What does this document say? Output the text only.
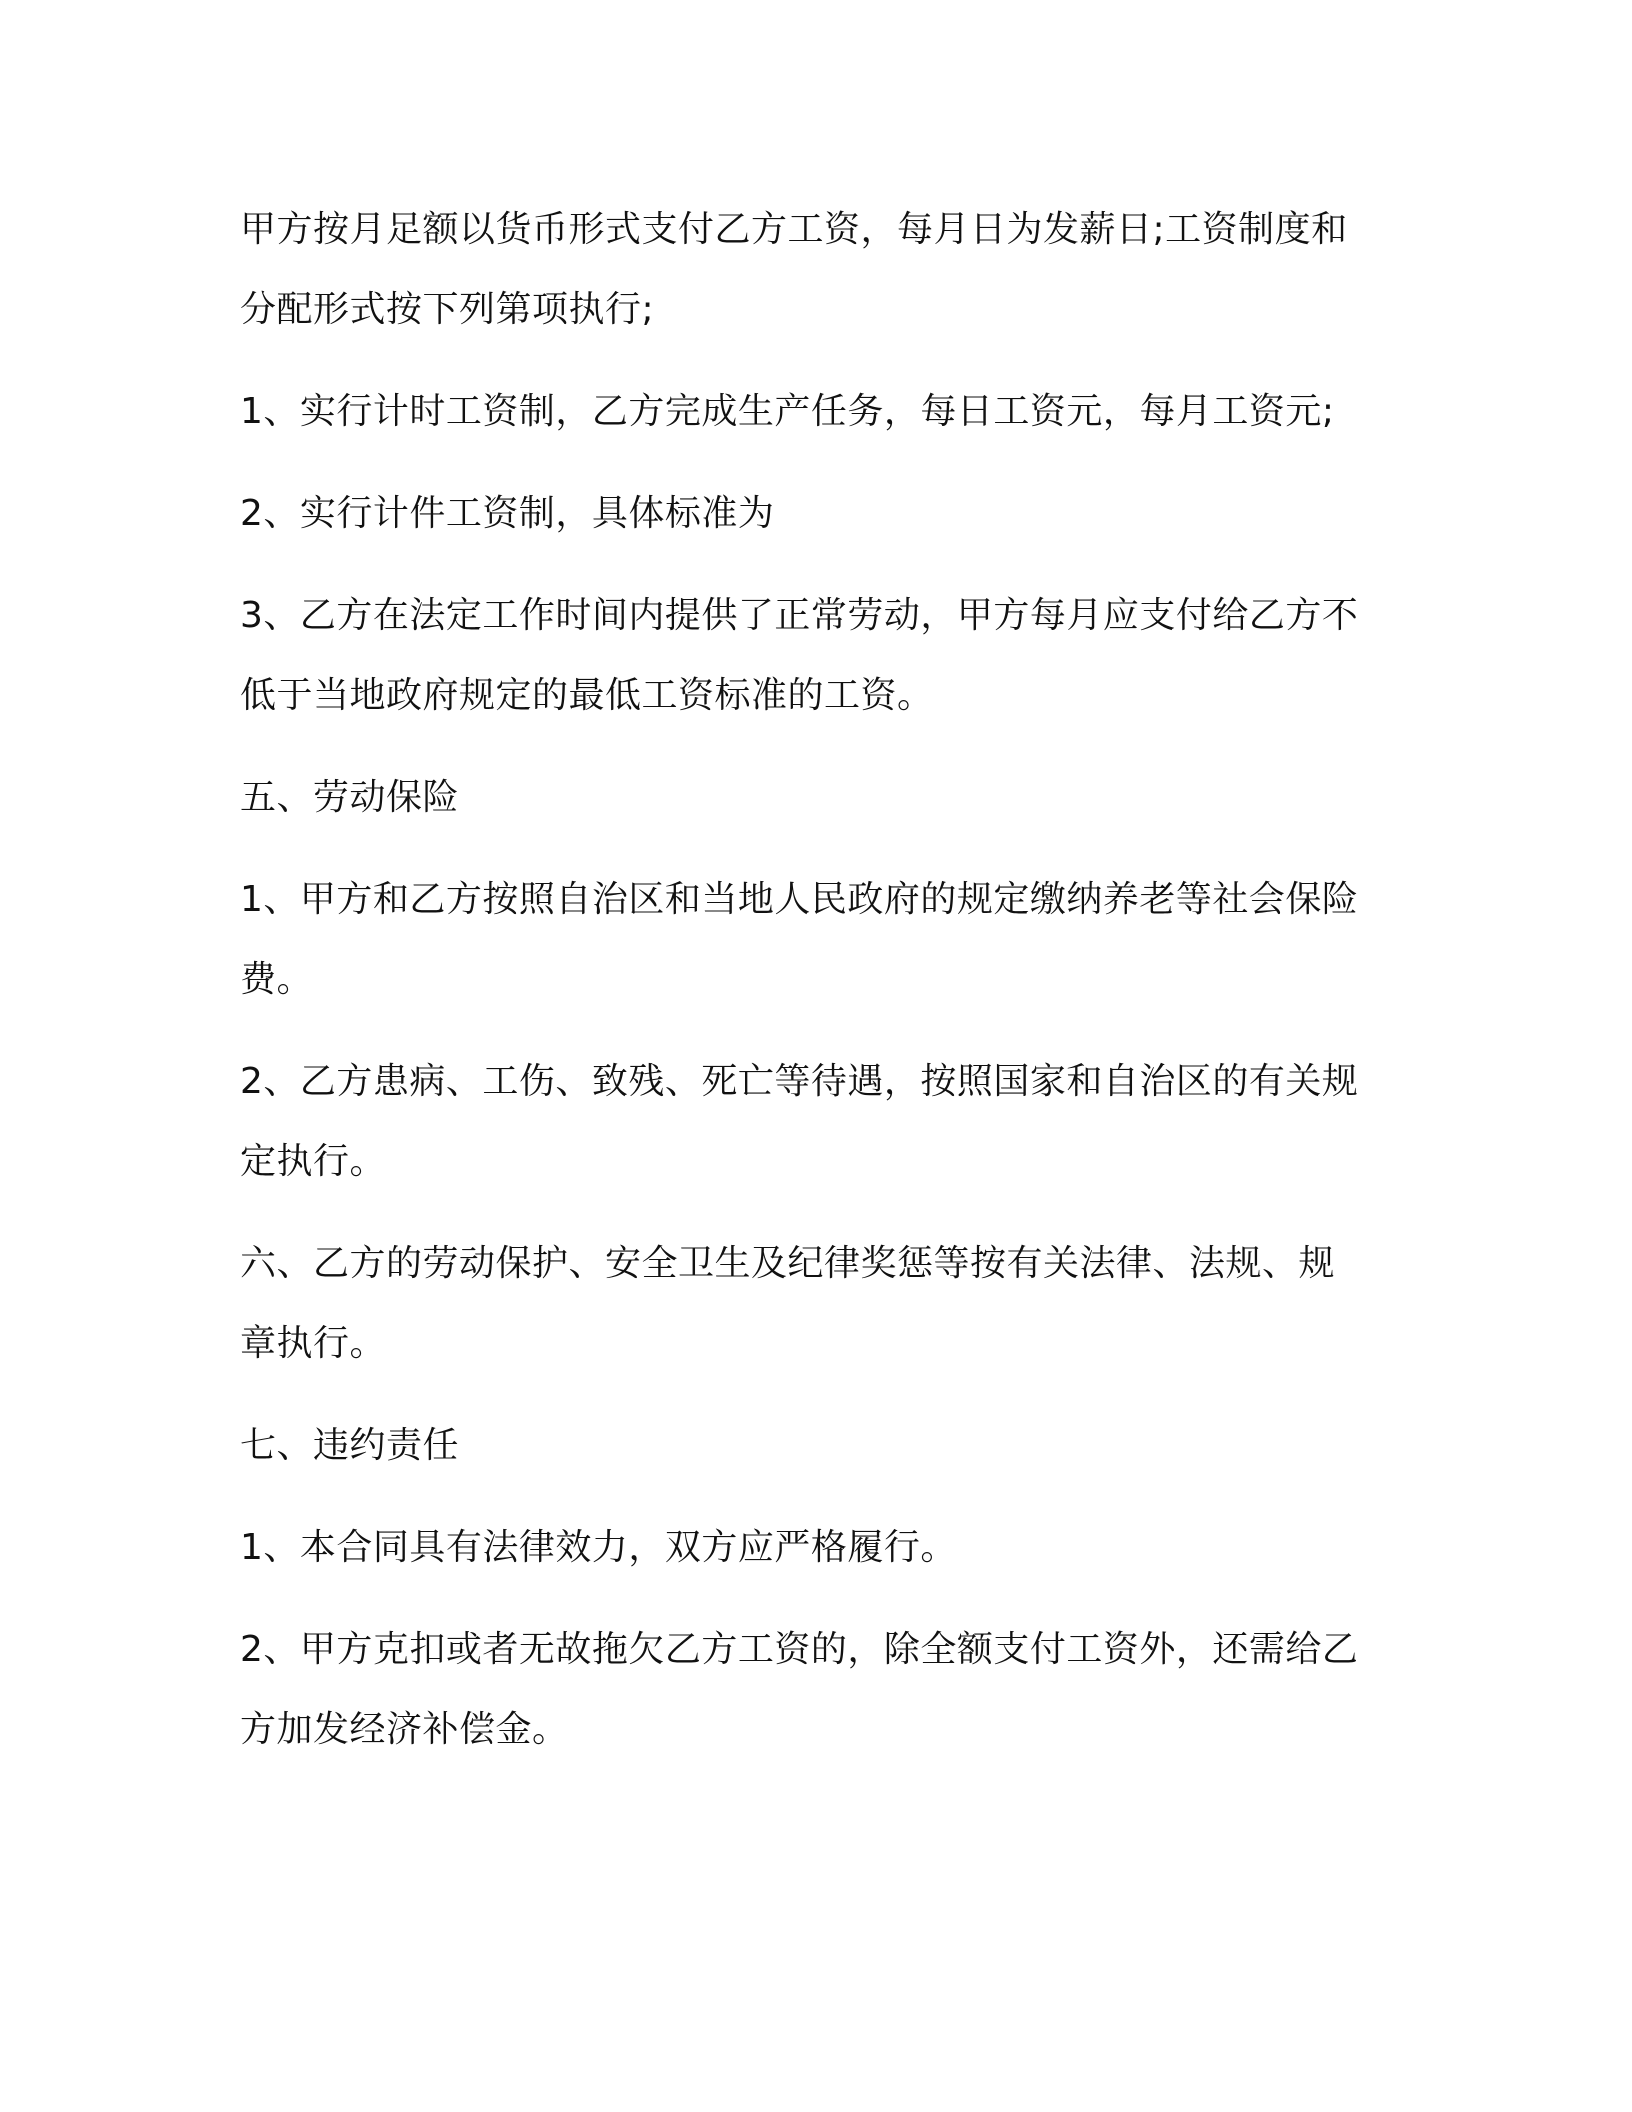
甲方按月足额以货币形式支付乙方工资，每月日为发薪日;工资制度和
分配形式按下列第项执行;
1、实行计时工资制，乙方完成生产任务，每日工资元，每月工资元;
2、实行计件工资制，具体标准为
3、乙方在法定工作时间内提供了正常劳动，甲方每月应支付给乙方不
低于当地政府规定的最低工资标准的工资。
五、劳动保险
1、甲方和乙方按照自治区和当地人民政府的规定缴纳养老等社会保险
费。
2、乙方患病、工伤、致残、死亡等待遇，按照国家和自治区的有关规
定执行。
六、乙方的劳动保护、安全卫生及纪律奖惩等按有关法律、法规、规
章执行。
七、违约责任
1、本合同具有法律效力，双方应严格履行。
2、甲方克扣或者无故拖欠乙方工资的，除全额支付工资外，还需给乙
方加发经济补偿金。
